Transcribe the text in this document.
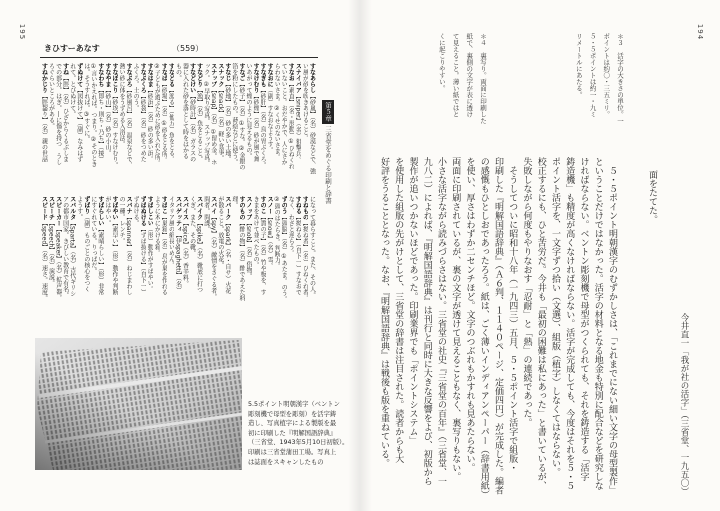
195	194
きひすーあなす	（559）
第５章
三省堂をめぐる印刷と辞書
5.5ポイント明朝漢字（ベントン
彫刻機で母型を彫刻）を活字鋳
造し、写真植字による製版を最
初に印刷した『明解国語辞典』
（三省堂、1943年5月10日初版）。
印刷は三省堂蒲田工場。写真上
は誌面をスキャンしたもの	今井直一「我が社の活字」（三省堂、一九五〇）
面をたてた。
　５・５ポイント明朝漢字のむずかしさは、「これまでにない細い文字の母型製作」
ということだけではなかった。活字の材料となる地金も特別に配合などを研究しな
ければならない。ベントン彫刻機で母型がつくられても、それを鋳造する「活字
鋳造機」も精度が高くなければならない。活字が完成しても、今度はそれを５・５
ポイント活字を、一文字ずつ拾い（文選）、組版（植字）しなくてはならない。
校正するにも、ひと苦労だ。今井も「最初の困難は私にあった」と書いているが、
失敗しながら何度もやりなおす「忍耐」と「熱」の連続であった。
　そうしてついに昭和十八年（一九四三）五月、５・５ポイント活字で組版・
印刷した『明解国語辞典』（Ａ６判、１１４０ページ、定価四円）が完成した。編者
の感慨もひとしおであったろう。紙は、ごく薄いインディアンペーパー（辞書用紙）
を使い、厚さはわずか二センチほど。文字のつぶれもかすれも見あたらない。
両面に印刷されているが、裏の文字が透けて見えることもなく、裏写りもない。
小さな活字ながら読みづらさはない。三省堂の社史『三省堂の百年』（三省堂、一
九八二）によれば、『明解国語辞典』は刊行と同時に大きな反響をよび、初版から
製作が追いつかないほどであった。印刷業界でも「ポイントシステム」
を使用した組版の先がけとして、三省堂の辞書は注目された。読者からも大
好評をうることとなった。なお、『明解国語辞典』は戦後も版を重ねている。
＊３　活字の大きさの単位。一
ポイントは約〇・三五ミリ。
５・５ポイントは約一・九ミ
リメートルにあたる。
＊４　裏写り。両面に印刷した
紙で、裏側の文字が表に透け
て見えること。薄い紙ではと
くに起こりやすい。
すなあらし【砂嵐】（名）砂漠などで、強
い風が砂を吹きあげること。
スナイパア【sniper】（名）狙撃兵。
すなお【素直】（名・形動）①ひねくれ
ていないこと。おだやかで、人にさか
らわないさま。②くせのないさま。
すなおに（副）すなおなようす。
すなぎも【砂肝】（名）鳥の胃ぶくろ。
すなけむり【砂煙】（名）砂が風で舞
いあがって煙のように見えるもの。
すなご【砂子】（名）①すな。②金銀の
箔を粉にしたもの。蒔絵などに使う。
すなじ【砂地】（名）砂の多い土地。
スナック【snack】（名）軽い食事。
スナップ【snap】（名）①留め金。ホ
ック。②早取り写真。スナップ写真。
すなどり【漁】（名）魚をとること。
すなどけい【砂時計】（名）ガラスの
器に入れた砂を落として時をはかる
もの。
すなどる【漁る】（他五）魚をとる。
すなば【砂場】（名）①砂をとる所。
②子どもが遊ぶために砂を入れた所。
すなはま【砂浜】（名）砂の多い浜。
すなぶくろ【砂袋】（名）砂をつめた
ふくろ。土のう。
すなぶろ【砂風呂】（名）温泉などで、
熱い砂に体をうずめる入浴法。
すなぼこり【砂埃】（名）すなけむり。
すなやま【砂山】（名）砂の小山。
すなわち【即ち・則ち・乃ち】（接）
①言いかえれば。つまり。②そのとき
は。そうすれば。③すぐに。
ずぬけて【図抜けて】（副）なみはず
れて。とびぬけて。
すね【脛】（名）ひざからくるぶしま
での部分。はぎ。―に傷を持つ　うし
ろぐらいところがある。
すねかじり【脛齧り】（名）親の世話
になって暮らすこと。また、その人。
すねもの【拗ね者】（名）ひねくれ者。
すねる【拗ねる】（自下一）すなおで
なく、わざと逆らう。
ずのう【頭脳】（名）①あたま。のう。
②頭のはたらき。判断力。
スノー【snow】（名）雪。
すのこ【簀の子】（名）竹や板を、す
きまをあけて並べたもの。
スノッブ【snob】（名）俗物。
すのもの【酢の物】（名）酢であえた料
理。
スパーク【spark】（名・自サ）火花
が散ること。放電の火花。
スパイ【spy】（名）敵情をさぐる者。
間者。間諜。
スパイク【spike】（名）靴底に打つ
くぎ。また、その靴。
スパイス【spice】（名）香辛料。
スパゲッティ【伊spaghetti】（名）
イタリア風の細長いめん。
すばこ【巣箱】（名）鳥が巣を作れる
ように木にかける箱。
すばしこい（形）動作がすばやい。
ずばぬける【ずば抜ける】（自下一）
ずぬける。
スパナ【spanner】（名）ねじまわし
の一種。レンチ。
すばやい【素早い】（形）動作や判断
がはやい。
すばらしい【素晴らしい】（形）非常
にすぐれている。りっぱだ。
ずばり（副）ものごとの核心をつく
ようす。
スパルタ【Sparta】（名）古代ギリシ
アの都市国家。きびしい教育で有名。
スピーカー【speaker】（名）拡声器。
スピーチ【speech】（名）演説。
スピード【speed】（名）速さ。速度。
